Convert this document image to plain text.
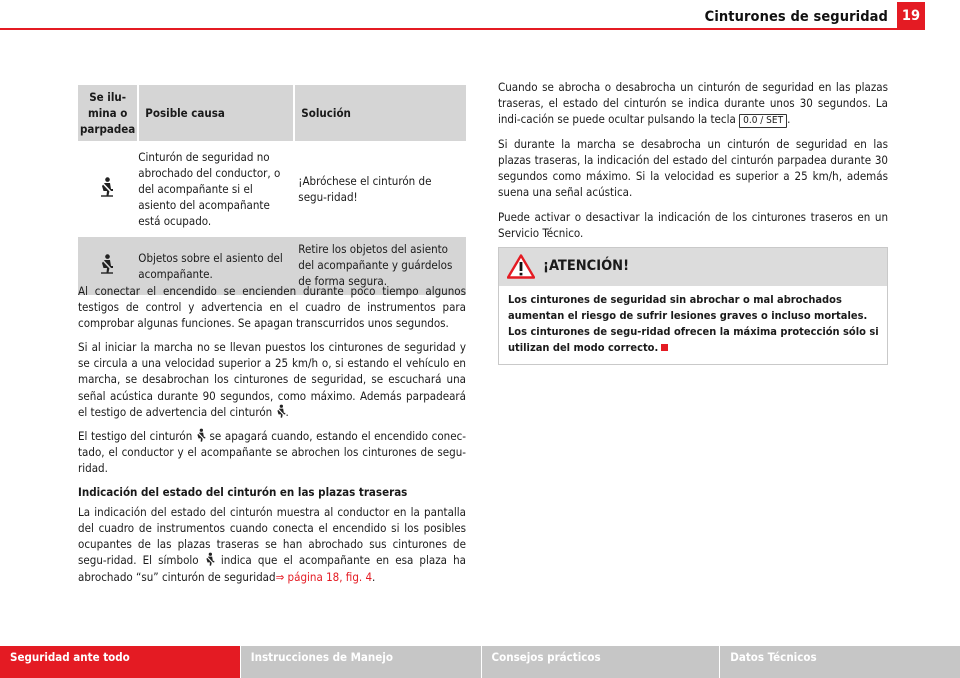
Cinturones de seguridad 19
Se ilu-
mina o
parpadea	Posible causa	Solución

	Cinturón de seguridad no abrochado del conductor, o del acompañante si el asiento del acompañante está ocupado.	¡Abróchese el cinturón de segu-ridad!

	Objetos sobre el asiento del acompañante.	Retire los objetos del asiento del acompañante y guárdelos de forma segura.

Al conectar el encendido se encienden durante poco tiempo algunos testigos de control y advertencia en el cuadro de instrumentos para comprobar algunas funciones. Se apagan transcurridos unos segundos.

Si al iniciar la marcha no se llevan puestos los cinturones de seguridad y se circula a una velocidad superior a 25 km/h o, si estando el vehículo en marcha, se desabrochan los cinturones de seguridad, se escuchará una señal acústica durante 90 segundos, como máximo. Además parpadeará el testigo de advertencia del cinturón .

El testigo del cinturón se apagará cuando, estando el encendido conec-tado, el conductor y el acompañante se abrochen los cinturones de segu-ridad.

Indicación del estado del cinturón en las plazas traseras

La indicación del estado del cinturón muestra al conductor en la pantalla del cuadro de instrumentos cuando conecta el encendido si los posibles ocupantes de las plazas traseras se han abrochado sus cinturones de segu-ridad. El símbolo indica que el acompañante en esa plaza ha abrochado “su” cinturón de seguridad⇒ página 18, fig. 4.

Cuando se abrocha o desabrocha un cinturón de seguridad en las plazas traseras, el estado del cinturón se indica durante unos 30 segundos. La indi-cación se puede ocultar pulsando la tecla 0.0 / SET .

Si durante la marcha se desabrocha un cinturón de seguridad en las plazas traseras, la indicación del estado del cinturón parpadea durante 30 segundos como máximo. Si la velocidad es superior a 25 km/h, además suena una señal acústica.

Puede activar o desactivar la indicación de los cinturones traseros en un Servicio Técnico.

¡ATENCIÓN!
Los cinturones de seguridad sin abrochar o mal abrochados aumentan el riesgo de sufrir lesiones graves o incluso mortales. Los cinturones de segu-ridad ofrecen la máxima protección sólo si utilizan del modo correcto.
Seguridad ante todo	Instrucciones de Manejo	Consejos prácticos	Datos Técnicos
